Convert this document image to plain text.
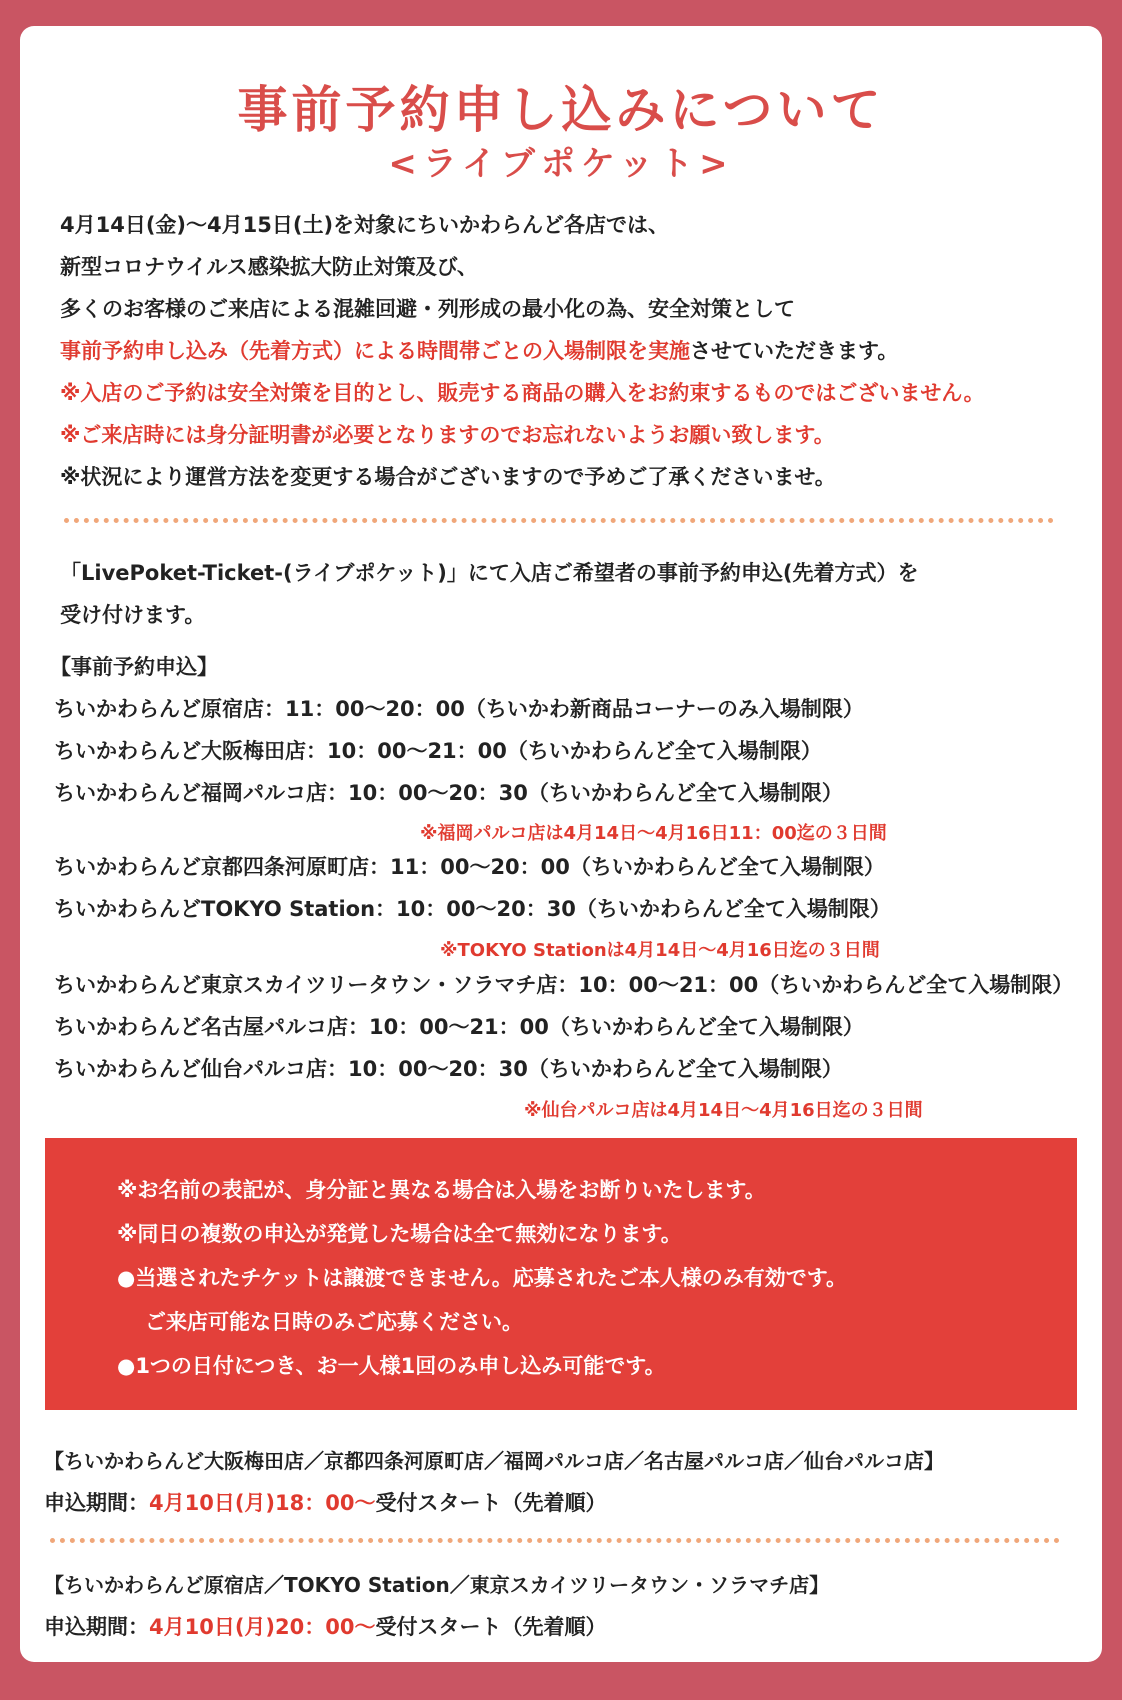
事前予約申し込みについて
<ライブポケット>
4月14日(金)～4月15日(土)を対象にちいかわらんど各店では、
新型コロナウイルス感染拡大防止対策及び、
多くのお客様のご来店による混雑回避・列形成の最小化の為、安全対策として
事前予約申し込み（先着方式）による時間帯ごとの入場制限を実施させていただきます。
※入店のご予約は安全対策を目的とし、販売する商品の購入をお約束するものではございません。
※ご来店時には身分証明書が必要となりますのでお忘れないようお願い致します。
※状況により運営方法を変更する場合がございますので予めご了承くださいませ。
「LivePoket-Ticket-(ライブポケット)」にて入店ご希望者の事前予約申込(先着方式）を
受け付けます。
【事前予約申込】
ちいかわらんど原宿店：11：00～20：00（ちいかわ新商品コーナーのみ入場制限）
ちいかわらんど大阪梅田店：10：00～21：00（ちいかわらんど全て入場制限）
ちいかわらんど福岡パルコ店：10：00～20：30（ちいかわらんど全て入場制限）
※福岡パルコ店は4月14日～4月16日11：00迄の３日間
ちいかわらんど京都四条河原町店：11：00～20：00（ちいかわらんど全て入場制限）
ちいかわらんどTOKYO Station：10：00～20：30（ちいかわらんど全て入場制限）
※TOKYO Stationは4月14日～4月16日迄の３日間
ちいかわらんど東京スカイツリータウン・ソラマチ店：10：00～21：00（ちいかわらんど全て入場制限）
ちいかわらんど名古屋パルコ店：10：00～21：00（ちいかわらんど全て入場制限）
ちいかわらんど仙台パルコ店：10：00～20：30（ちいかわらんど全て入場制限）
※仙台パルコ店は4月14日～4月16日迄の３日間
※お名前の表記が、身分証と異なる場合は入場をお断りいたします。
※同日の複数の申込が発覚した場合は全て無効になります。
●当選されたチケットは譲渡できません。応募されたご本人様のみ有効です。
ご来店可能な日時のみご応募ください。
●1つの日付につき、お一人様1回のみ申し込み可能です。
【ちいかわらんど大阪梅田店／京都四条河原町店／福岡パルコ店／名古屋パルコ店／仙台パルコ店】
申込期間：4月10日(月)18：00～受付スタート（先着順）
【ちいかわらんど原宿店／TOKYO Station／東京スカイツリータウン・ソラマチ店】
申込期間：4月10日(月)20：00～受付スタート（先着順）
